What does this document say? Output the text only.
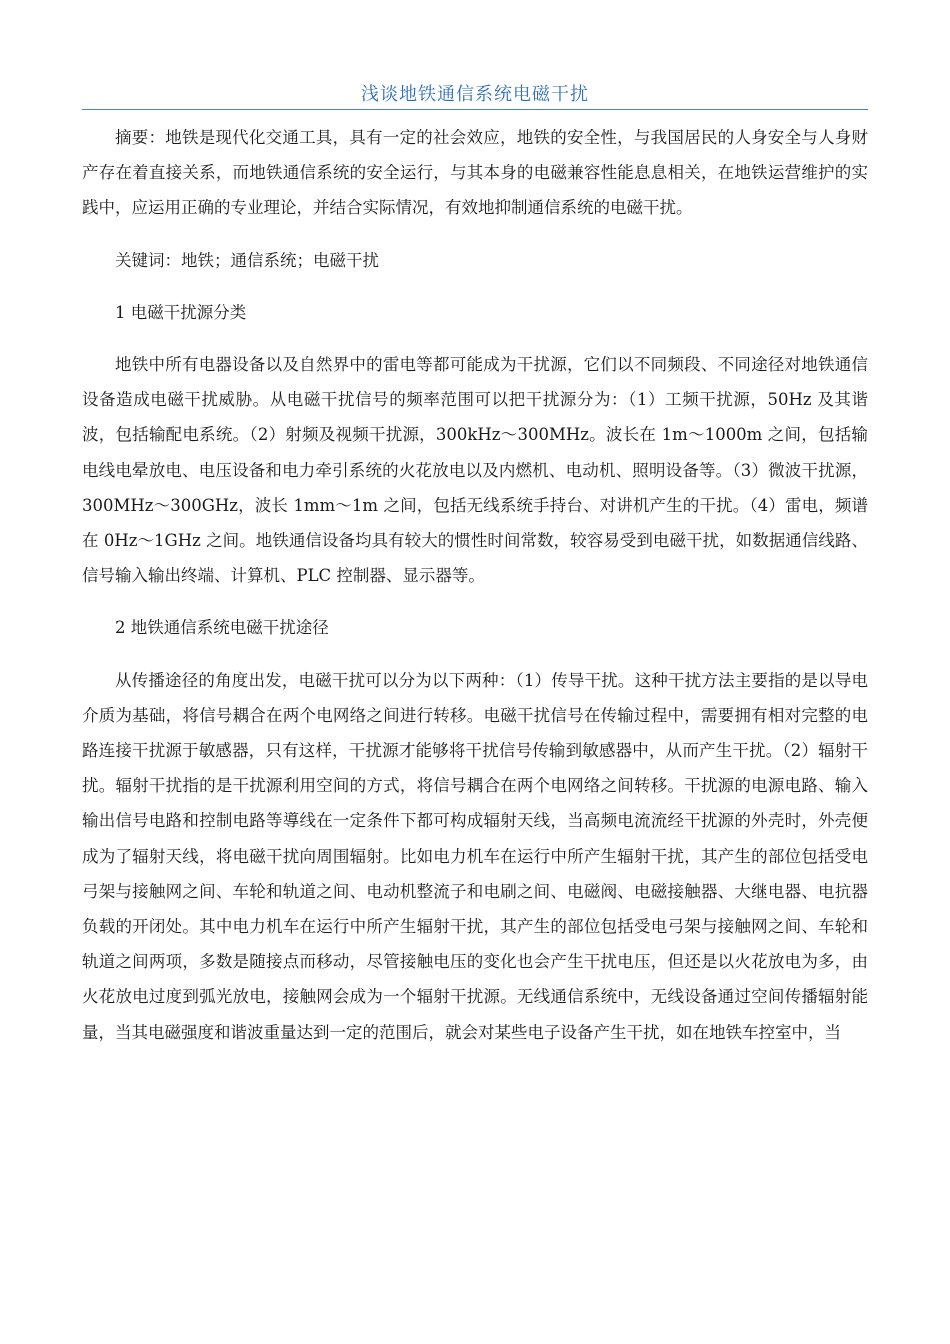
浅谈地铁通信系统电磁干扰

摘要：地铁是现代化交通工具，具有一定的社会效应，地铁的安全性，与我国居民的人身安全与人身财产存在着直接关系，而地铁通信系统的安全运行，与其本身的电磁兼容性能息息相关，在地铁运营维护的实践中，应运用正确的专业理论，并结合实际情况，有效地抑制通信系统的电磁干扰。

关键词：地铁；通信系统；电磁干扰

1 电磁干扰源分类

地铁中所有电器设备以及自然界中的雷电等都可能成为干扰源，它们以不同频段、不同途径对地铁通信设备造成电磁干扰威胁。从电磁干扰信号的频率范围可以把干扰源分为：（1）工频干扰源，50Hz 及其谐波，包括输配电系统。（2）射频及视频干扰源，300kHz～300MHz。波长在 1m～1000m 之间，包括输电线电晕放电、电压设备和电力牵引系统的火花放电以及内燃机、电动机、照明设备等。（3）微波干扰源，300MHz～300GHz，波长 1mm～1m 之间，包括无线系统手持台、对讲机产生的干扰。（4）雷电，频谱在 0Hz～1GHz 之间。地铁通信设备均具有较大的惯性时间常数，较容易受到电磁干扰，如数据通信线路、信号输入输出终端、计算机、PLC 控制器、显示器等。

2 地铁通信系统电磁干扰途径

从传播途径的角度出发，电磁干扰可以分为以下两种：（1）传导干扰。这种干扰方法主要指的是以导电介质为基础，将信号耦合在两个电网络之间进行转移。电磁干扰信号在传输过程中，需要拥有相对完整的电路连接干扰源于敏感器，只有这样，干扰源才能够将干扰信号传输到敏感器中，从而产生干扰。（2）辐射干扰。辐射干扰指的是干扰源利用空间的方式，将信号耦合在两个电网络之间转移。干扰源的电源电路、输入输出信号电路和控制电路等導线在一定条件下都可构成辐射天线，当高频电流流经干扰源的外壳时，外壳便成为了辐射天线，将电磁干扰向周围辐射。比如电力机车在运行中所产生辐射干扰，其产生的部位包括受电弓架与接触网之间、车轮和轨道之间、电动机整流子和电刷之间、电磁阀、电磁接触器、大继电器、电抗器负载的开闭处。其中电力机车在运行中所产生辐射干扰，其产生的部位包括受电弓架与接触网之间、车轮和轨道之间两项，多数是随接点而移动，尽管接触电压的变化也会产生干扰电压，但还是以火花放电为多，由火花放电过度到弧光放电，接触网会成为一个辐射干扰源。无线通信系统中，无线设备通过空间传播辐射能量，当其电磁强度和谐波重量达到一定的范围后，就会对某些电子设备产生干扰，如在地铁车控室中，当
